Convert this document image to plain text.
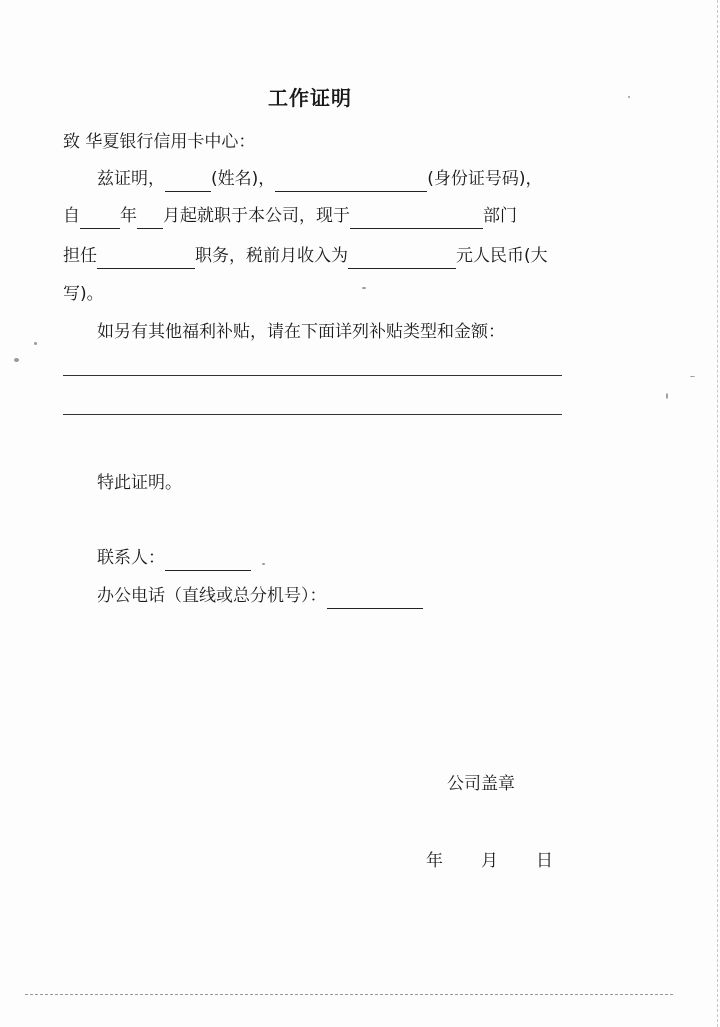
工作证明
致 华夏银行信用卡中心：
兹证明，	(姓名)，	(身份证号码)，
自 年 月起就职于本公司，现于	部门
担任	职务，税前月收入为	元人民币(大
写)。
如另有其他福利补贴，请在下面详列补贴类型和金额：
特此证明。
联系人：
办公电话（直线或总分机号）：
公司盖章
年 月 日
